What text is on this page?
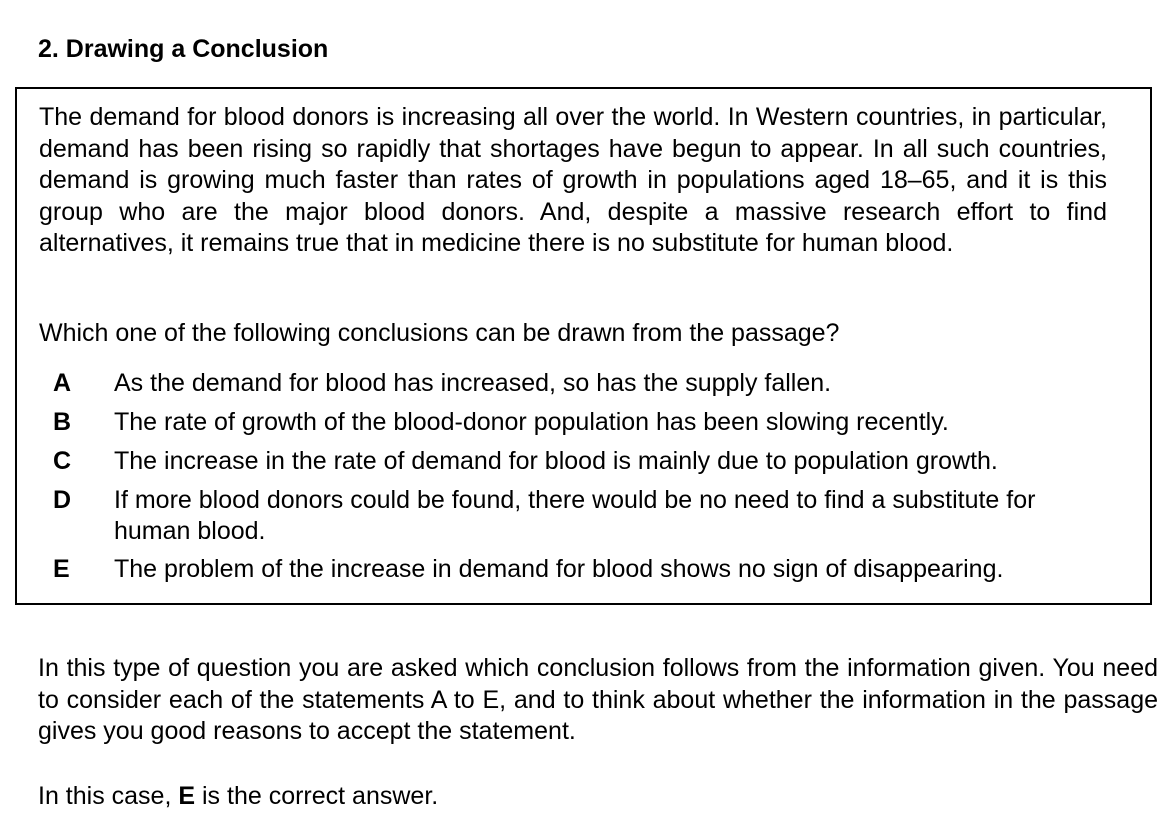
2. Drawing a Conclusion

The demand for blood donors is increasing all over the world. In Western countries, in particular, demand has been rising so rapidly that shortages have begun to appear. In all such countries, demand is growing much faster than rates of growth in populations aged 18–65, and it is this group who are the major blood donors. And, despite a massive research effort to find alternatives, it remains true that in medicine there is no substitute for human blood.

Which one of the following conclusions can be drawn from the passage?

A As the demand for blood has increased, so has the supply fallen.
B The rate of growth of the blood-donor population has been slowing recently.
C The increase in the rate of demand for blood is mainly due to population growth.
D If more blood donors could be found, there would be no need to find a substitute for human blood.
E The problem of the increase in demand for blood shows no sign of disappearing.

In this type of question you are asked which conclusion follows from the information given. You need to consider each of the statements A to E, and to think about whether the information in the passage gives you good reasons to accept the statement.

In this case, E is the correct answer.
